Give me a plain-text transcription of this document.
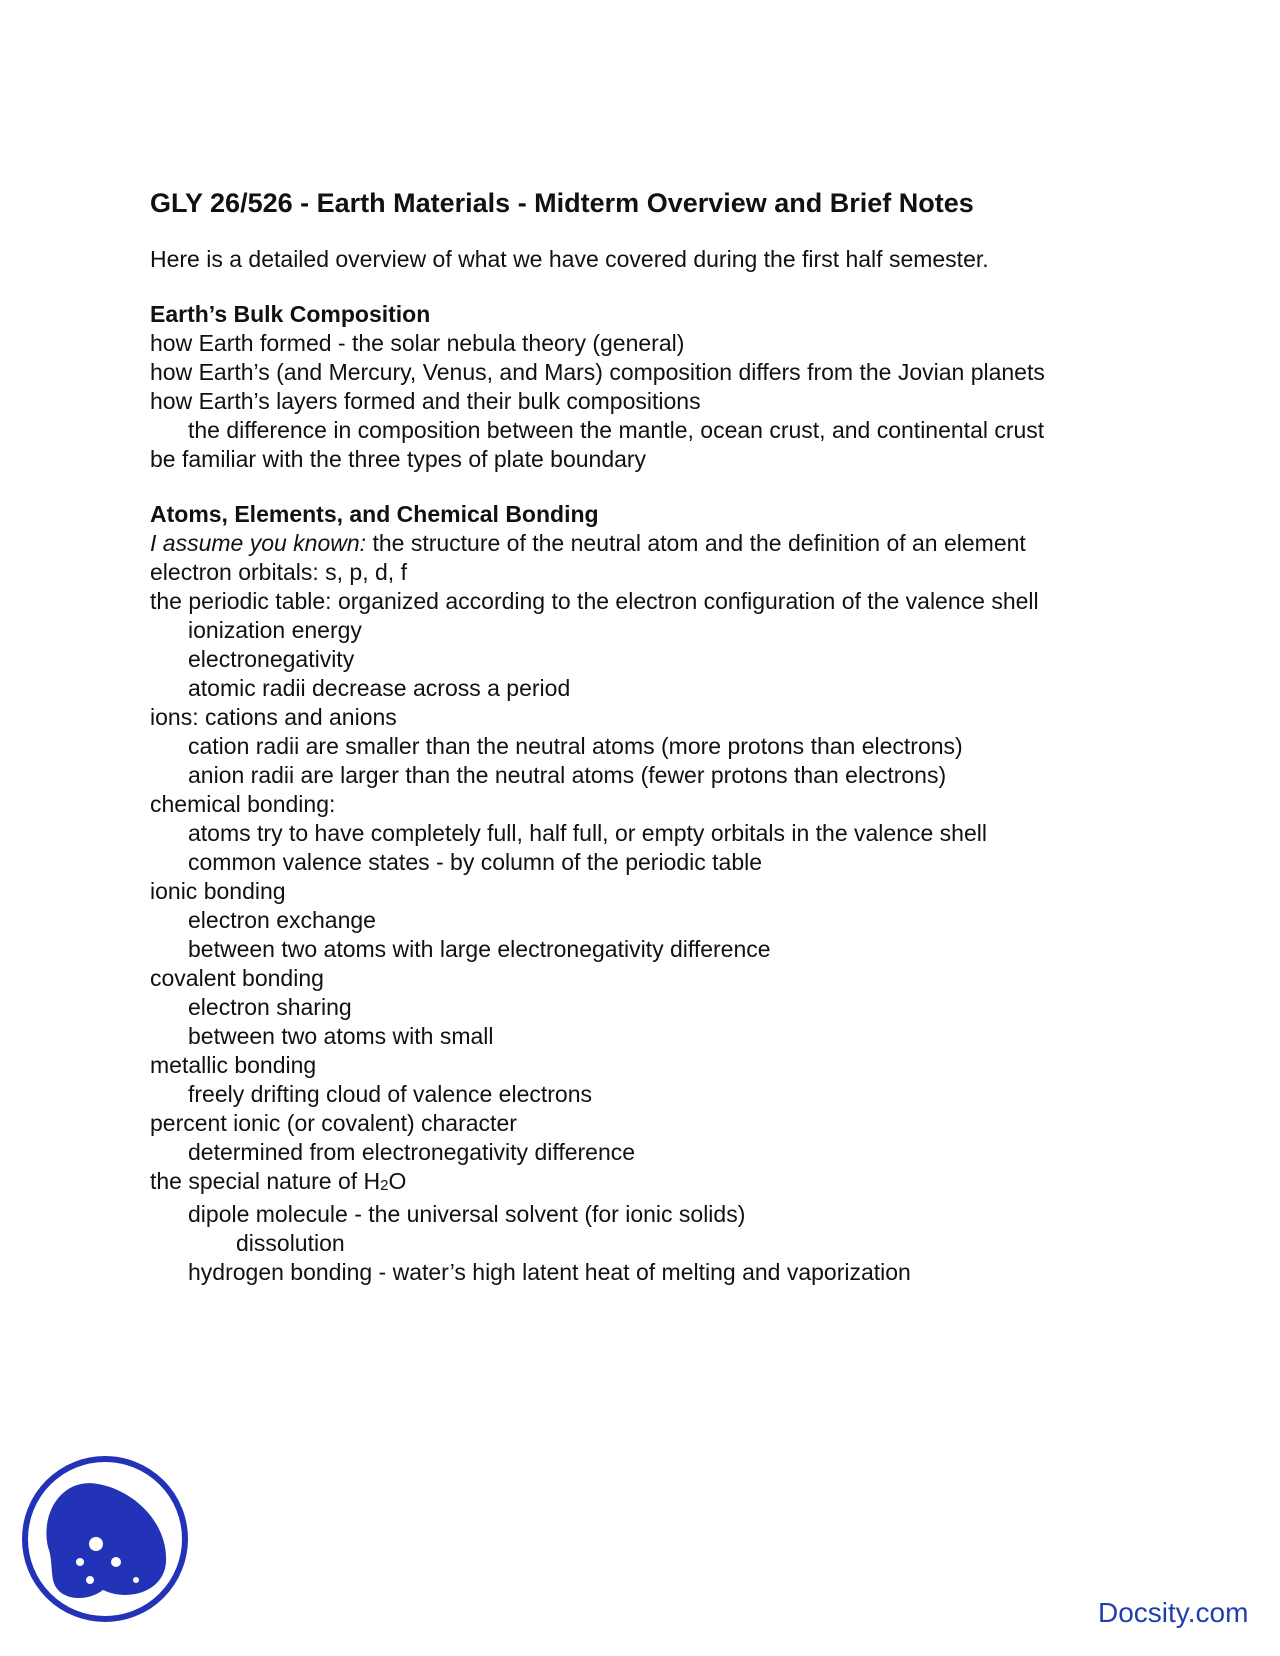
GLY 26/526 - Earth Materials - Midterm Overview and Brief Notes
Here is a detailed overview of what we have covered during the first half semester.
Earth’s Bulk Composition
how Earth formed - the solar nebula theory (general)
how Earth’s (and Mercury, Venus, and Mars) composition differs from the Jovian planets
how Earth’s layers formed and their bulk compositions
the difference in composition between the mantle, ocean crust, and continental crust
be familiar with the three types of plate boundary
Atoms, Elements, and Chemical Bonding
I assume you known: the structure of the neutral atom and the definition of an element
electron orbitals: s, p, d, f
the periodic table: organized according to the electron configuration of the valence shell
ionization energy
electronegativity
atomic radii decrease across a period
ions: cations and anions
cation radii are smaller than the neutral atoms (more protons than electrons)
anion radii are larger than the neutral atoms (fewer protons than electrons)
chemical bonding:
atoms try to have completely full, half full, or empty orbitals in the valence shell
common valence states - by column of the periodic table
ionic bonding
electron exchange
between two atoms with large electronegativity difference
covalent bonding
electron sharing
between two atoms with small
metallic bonding
freely drifting cloud of valence electrons
percent ionic (or covalent) character
determined from electronegativity difference
the special nature of $H_2O$
dipole molecule - the universal solvent (for ionic solids)
dissolution
hydrogen bonding - water’s high latent heat of melting and vaporization
Docsity.com
